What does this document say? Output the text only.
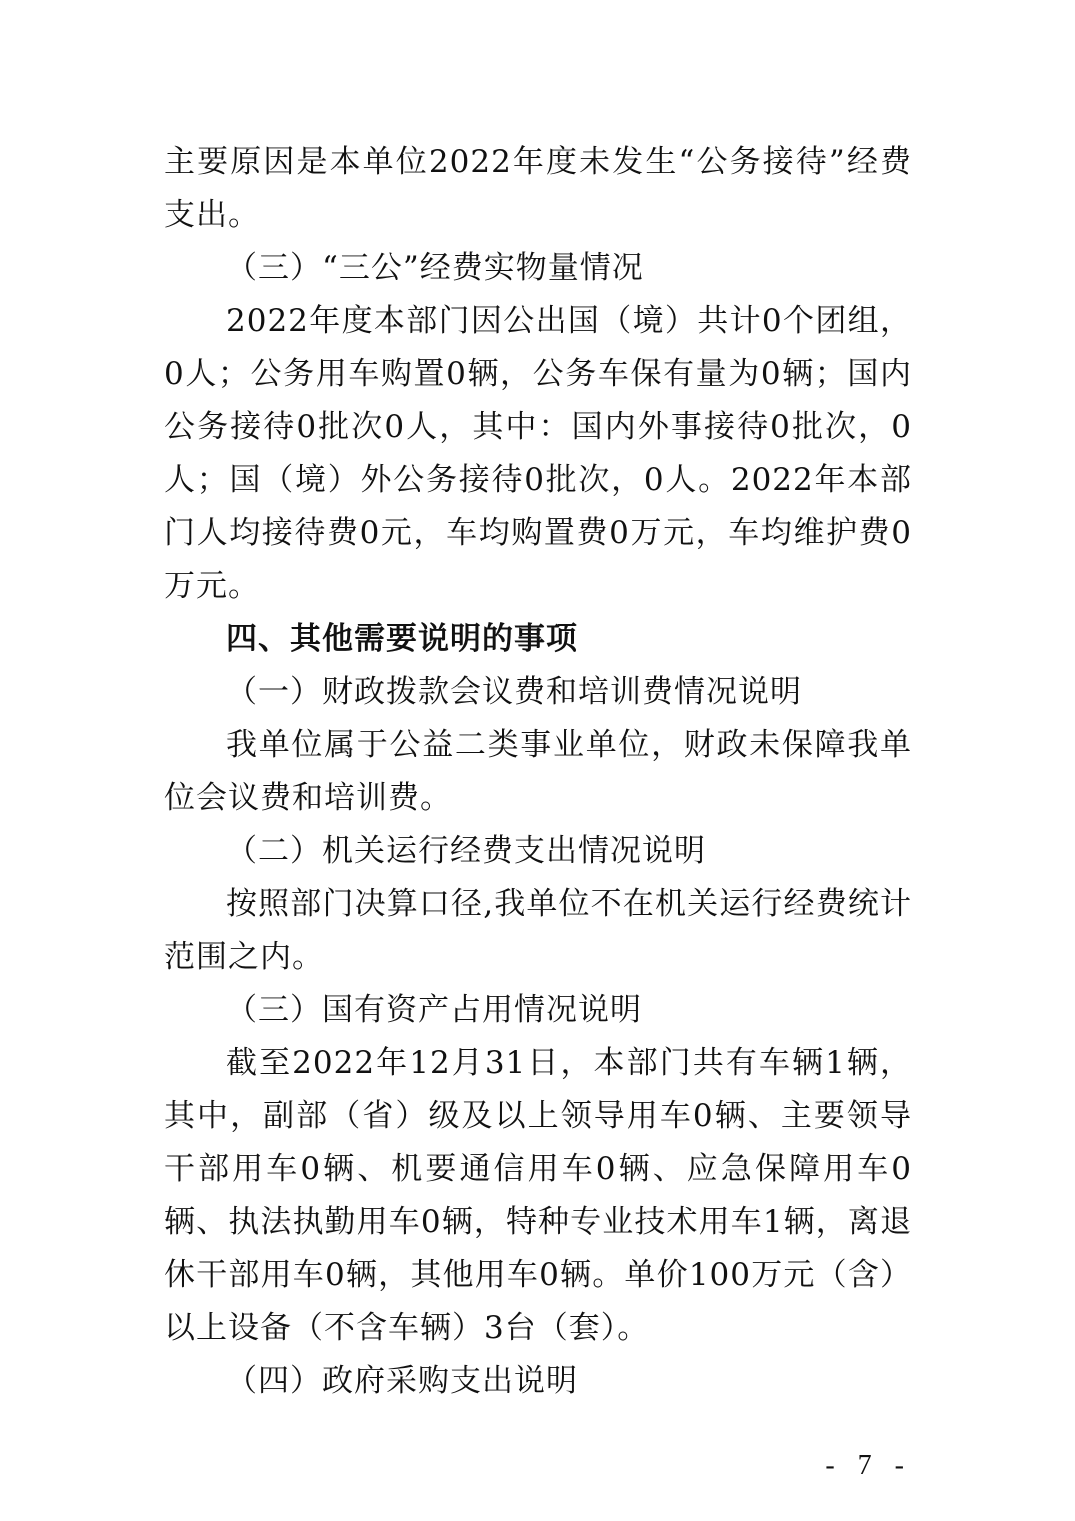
主要原因是本单位2022年度未发生“公务接待”经费支出。

（三）“三公”经费实物量情况

2022年度本部门因公出国（境）共计0个团组，0人；公务用车购置0辆，公务车保有量为0辆；国内公务接待0批次0人，其中：国内外事接待0批次，0人；国（境）外公务接待0批次，0人。2022年本部门人均接待费0元，车均购置费0万元，车均维护费0万元。

四、其他需要说明的事项

（一）财政拨款会议费和培训费情况说明

我单位属于公益二类事业单位，财政未保障我单位会议费和培训费。

（二）机关运行经费支出情况说明

按照部门决算口径,我单位不在机关运行经费统计范围之内。

（三）国有资产占用情况说明

截至2022年12月31日，本部门共有车辆1辆，其中，副部（省）级及以上领导用车0辆、主要领导干部用车0辆、机要通信用车0辆、应急保障用车0辆、执法执勤用车0辆，特种专业技术用车1辆，离退休干部用车0辆，其他用车0辆。单价100万元（含）以上设备（不含车辆）3台（套）。

（四）政府采购支出说明

- 7 -
